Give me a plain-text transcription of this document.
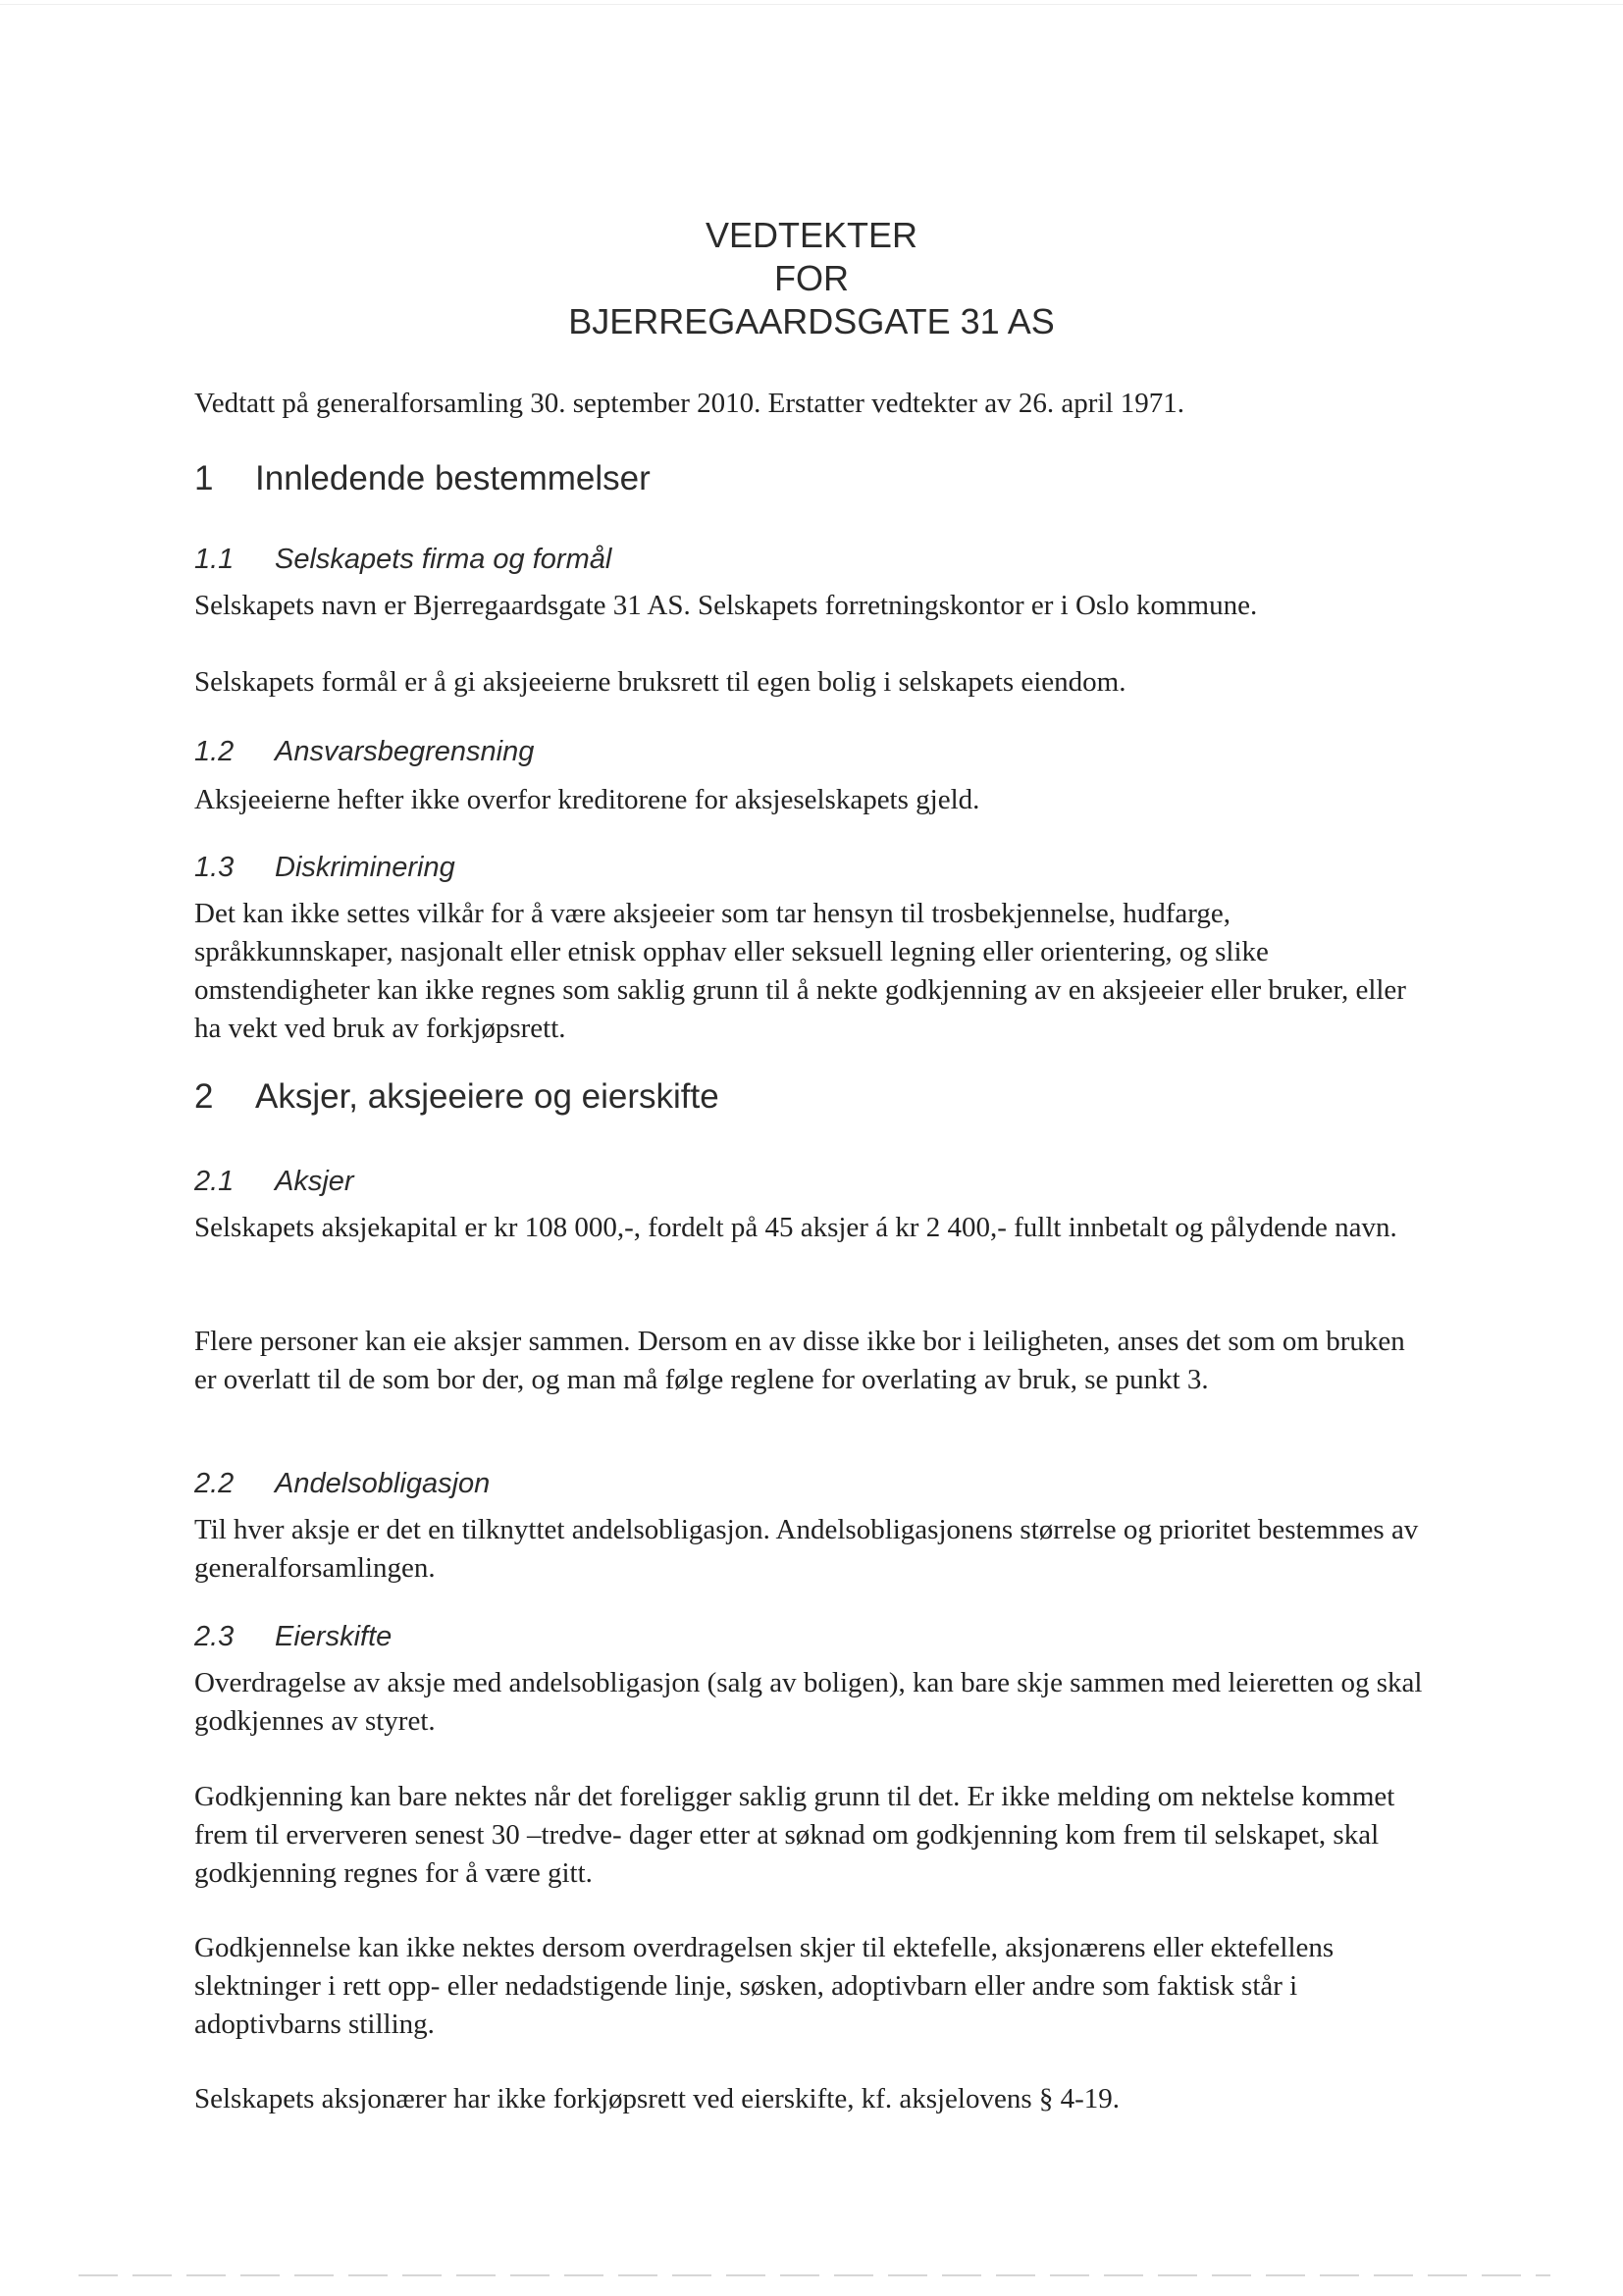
VEDTEKTER
FOR
BJERREGAARDSGATE 31 AS

Vedtatt på generalforsamling 30. september 2010. Erstatter vedtekter av 26. april 1971.

1 Innledende bestemmelser
1.1 Selskapets firma og formål

Selskapets navn er Bjerregaardsgate 31 AS. Selskapets forretningskontor er i Oslo kommune.

Selskapets formål er å gi aksjeeierne bruksrett til egen bolig i selskapets eiendom.

1.2 Ansvarsbegrensning

Aksjeeierne hefter ikke overfor kreditorene for aksjeselskapets gjeld.

1.3 Diskriminering

Det kan ikke settes vilkår for å være aksjeeier som tar hensyn til trosbekjennelse, hudfarge, språkkunnskaper, nasjonalt eller etnisk opphav eller seksuell legning eller orientering, og slike omstendigheter kan ikke regnes som saklig grunn til å nekte godkjenning av en aksjeeier eller bruker, eller ha vekt ved bruk av forkjøpsrett.

2 Aksjer, aksjeeiere og eierskifte
2.1 Aksjer

Selskapets aksjekapital er kr 108 000,-, fordelt på 45 aksjer á kr 2 400,- fullt innbetalt og pålydende navn.

Flere personer kan eie aksjer sammen. Dersom en av disse ikke bor i leiligheten, anses det som om bruken er overlatt til de som bor der, og man må følge reglene for overlating av bruk, se punkt 3.

2.2 Andelsobligasjon

Til hver aksje er det en tilknyttet andelsobligasjon. Andelsobligasjonens størrelse og prioritet bestemmes av generalforsamlingen.

2.3 Eierskifte

Overdragelse av aksje med andelsobligasjon (salg av boligen), kan bare skje sammen med leieretten og skal godkjennes av styret.

Godkjenning kan bare nektes når det foreligger saklig grunn til det. Er ikke melding om nektelse kommet frem til erververen senest 30 –tredve- dager etter at søknad om godkjenning kom frem til selskapet, skal godkjenning regnes for å være gitt.

Godkjennelse kan ikke nektes dersom overdragelsen skjer til ektefelle, aksjonærens eller ektefellens slektninger i rett opp- eller nedadstigende linje, søsken, adoptivbarn eller andre som faktisk står i adoptivbarns stilling.

Selskapets aksjonærer har ikke forkjøpsrett ved eierskifte, kf. aksjelovens § 4-19.
